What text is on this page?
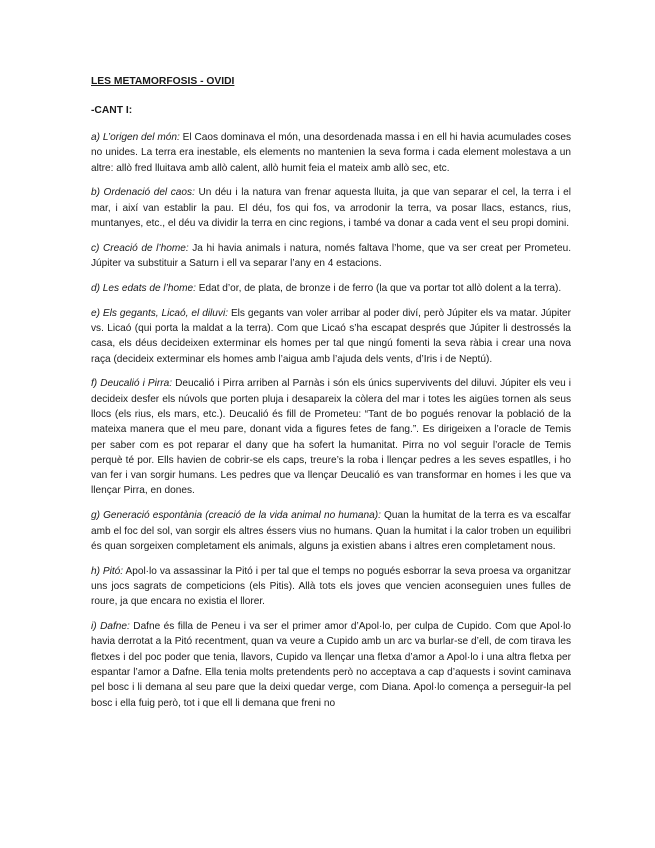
LES METAMORFOSIS - OVIDI
-CANT I:

a) L’origen del món: El Caos dominava el món, una desordenada massa i en ell hi havia acumulades coses no unides. La terra era inestable, els elements no mantenien la seva forma i cada element molestava a un altre: allò fred lluitava amb allò calent, allò humit feia el mateix amb allò sec, etc.

b) Ordenació del caos: Un déu i la natura van frenar aquesta lluita, ja que van separar el cel, la terra i el mar, i així van establir la pau. El déu, fos qui fos, va arrodonir la terra, va posar llacs, estancs, rius, muntanyes, etc., el déu va dividir la terra en cinc regions, i també va donar a cada vent el seu propi domini.

c) Creació de l’home: Ja hi havia animals i natura, només faltava l’home, que va ser creat per Prometeu. Júpiter va substituir a Saturn i ell va separar l’any en 4 estacions.

d) Les edats de l’home: Edat d’or, de plata, de bronze i de ferro (la que va portar tot allò dolent a la terra).

e) Els gegants, Licaó, el diluvi: Els gegants van voler arribar al poder diví, però Júpiter els va matar. Júpiter vs. Licaó (qui porta la maldat a la terra). Com que Licaó s’ha escapat després que Júpiter li destrossés la casa, els déus decideixen exterminar els homes per tal que ningú fomenti la seva ràbia i crear una nova raça (decideix exterminar els homes amb l’aigua amb l’ajuda dels vents, d’Iris i de Neptú).

f) Deucalió i Pirra: Deucalió i Pirra arriben al Parnàs i són els únics supervivents del diluvi. Júpiter els veu i decideix desfer els núvols que porten pluja i desapareix la còlera del mar i totes les aigües tornen als seus llocs (els rius, els mars, etc.). Deucalió és fill de Prometeu: “Tant de bo pogués renovar la població de la mateixa manera que el meu pare, donant vida a figures fetes de fang.”. Es dirigeixen a l’oracle de Temis per saber com es pot reparar el dany que ha sofert la humanitat. Pirra no vol seguir l’oracle de Temis perquè té por. Ells havien de cobrir-se els caps, treure’s la roba i llençar pedres a les seves espatlles, i ho van fer i van sorgir humans. Les pedres que va llençar Deucalió es van transformar en homes i les que va llençar Pirra, en dones.

g) Generació espontània (creació de la vida animal no humana): Quan la humitat de la terra es va escalfar amb el foc del sol, van sorgir els altres éssers vius no humans. Quan la humitat i la calor troben un equilibri és quan sorgeixen completament els animals, alguns ja existien abans i altres eren completament nous.

h) Pitó: Apol·lo va assassinar la Pitó i per tal que el temps no pogués esborrar la seva proesa va organitzar uns jocs sagrats de competicions (els Pitis). Allà tots els joves que vencien aconseguien unes fulles de roure, ja que encara no existia el llorer.

i) Dafne: Dafne és filla de Peneu i va ser el primer amor d’Apol·lo, per culpa de Cupido. Com que Apol·lo havia derrotat a la Pitó recentment, quan va veure a Cupido amb un arc va burlar-se d’ell, de com tirava les fletxes i del poc poder que tenia, llavors, Cupido va llençar una fletxa d’amor a Apol·lo i una altra fletxa per espantar l’amor a Dafne. Ella tenia molts pretendents però no acceptava a cap d’aquests i sovint caminava pel bosc i li demana al seu pare que la deixi quedar verge, com Diana. Apol·lo comença a perseguir-la pel bosc i ella fuig però, tot i que ell li demana que freni no
